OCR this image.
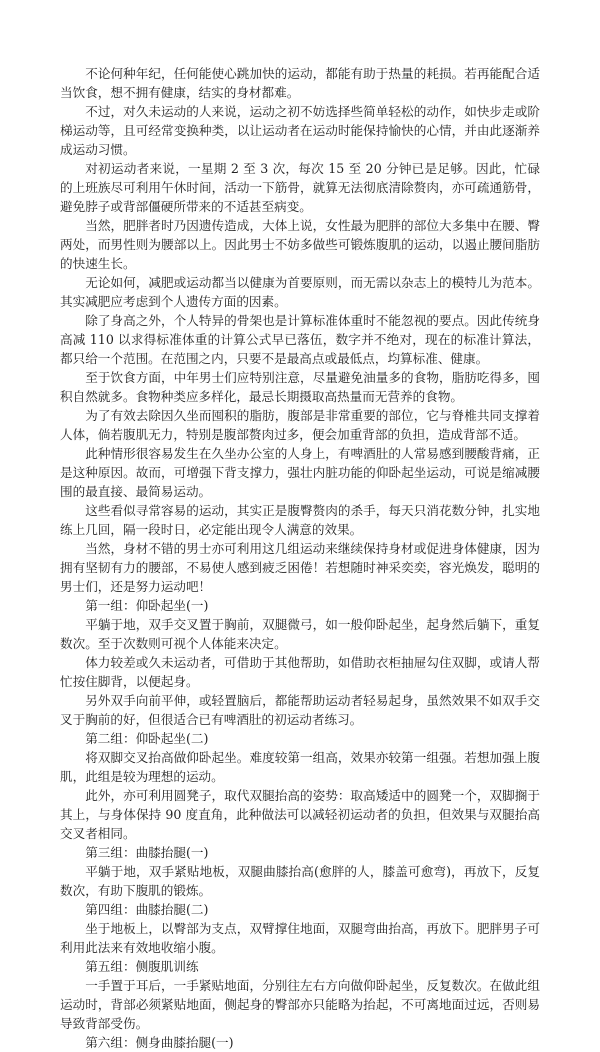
不论何种年纪，任何能使心跳加快的运动，都能有助于热量的耗损。若再能配合适当饮食，想不拥有健康，结实的身材都难。

不过，对久未运动的人来说，运动之初不妨选择些简单轻松的动作，如快步走或阶梯运动等，且可经常变换种类，以让运动者在运动时能保持愉快的心情，并由此逐渐养成运动习惯。

对初运动者来说，一星期 2 至 3 次，每次 15 至 20 分钟已是足够。因此，忙碌的上班族尽可利用午休时间，活动一下筋骨，就算无法彻底清除赘肉，亦可疏通筋骨，避免脖子或背部僵硬所带来的不适甚至病变。

当然，肥胖者时乃因遗传造成，大体上说，女性最为肥胖的部位大多集中在腰、臀两处，而男性则为腰部以上。因此男士不妨多做些可锻炼腹肌的运动，以遏止腰间脂肪的快速生长。

无论如何，减肥或运动都当以健康为首要原则，而无需以杂志上的模特儿为范本。其实减肥应考虑到个人遗传方面的因素。

除了身高之外，个人特异的骨架也是计算标准体重时不能忽视的要点。因此传统身高减 110 以求得标准体重的计算公式早已落伍，数字并不绝对，现在的标准计算法，都只给一个范围。在范围之内，只要不是最高点或最低点，均算标准、健康。

至于饮食方面，中年男士们应特别注意，尽量避免油量多的食物，脂肪吃得多，囤积自然就多。食物种类应多样化，最忌长期摄取高热量而无营养的食物。

为了有效去除因久坐而囤积的脂肪，腹部是非常重要的部位，它与脊椎共同支撑着人体，倘若腹肌无力，特别是腹部赘肉过多，便会加重背部的负担，造成背部不适。

此种情形很容易发生在久坐办公室的人身上，有啤酒肚的人常易感到腰酸背痛，正是这种原因。故而，可增强下背支撑力，强壮内脏功能的仰卧起坐运动，可说是缩减腰围的最直接、最简易运动。

这些看似寻常容易的运动，其实正是腹臀赘肉的杀手，每天只消花数分钟，扎实地练上几回，隔一段时日，必定能出现令人满意的效果。

当然，身材不错的男士亦可利用这几组运动来继续保持身材或促进身体健康，因为拥有坚韧有力的腰部，不易使人感到疲乏困倦！若想随时神采奕奕，容光焕发，聪明的男士们，还是努力运动吧！

第一组：仰卧起坐(一)

平躺于地，双手交叉置于胸前，双腿微弓，如一般仰卧起坐，起身然后躺下，重复数次。至于次数则可视个人体能来决定。

体力较差或久未运动者，可借助于其他帮助，如借助衣柜抽屉勾住双脚，或请人帮忙按住脚背，以便起身。

另外双手向前平伸，或轻置脑后，都能帮助运动者轻易起身，虽然效果不如双手交叉于胸前的好，但很适合已有啤酒肚的初运动者练习。

第二组：仰卧起坐(二)

将双脚交叉抬高做仰卧起坐。难度较第一组高，效果亦较第一组强。若想加强上腹肌，此组是较为理想的运动。

此外，亦可利用圆凳子，取代双腿抬高的姿势：取高矮适中的圆凳一个，双脚搁于其上，与身体保持 90 度直角，此种做法可以减轻初运动者的负担，但效果与双腿抬高交叉者相同。

第三组：曲膝抬腿(一)

平躺于地，双手紧贴地板，双腿曲膝抬高(愈胖的人，膝盖可愈弯)，再放下，反复数次，有助下腹肌的锻炼。

第四组：曲膝抬腿(二)

坐于地板上，以臀部为支点，双臂撑住地面，双腿弯曲抬高，再放下。肥胖男子可利用此法来有效地收缩小腹。

第五组：侧腹肌训练

一手置于耳后，一手紧贴地面，分别往左右方向做仰卧起坐，反复数次。在做此组运动时，背部必须紧贴地面，侧起身的臀部亦只能略为抬起，不可离地面过远，否则易导致背部受伤。

第六组：侧身曲膝抬腿(一)
